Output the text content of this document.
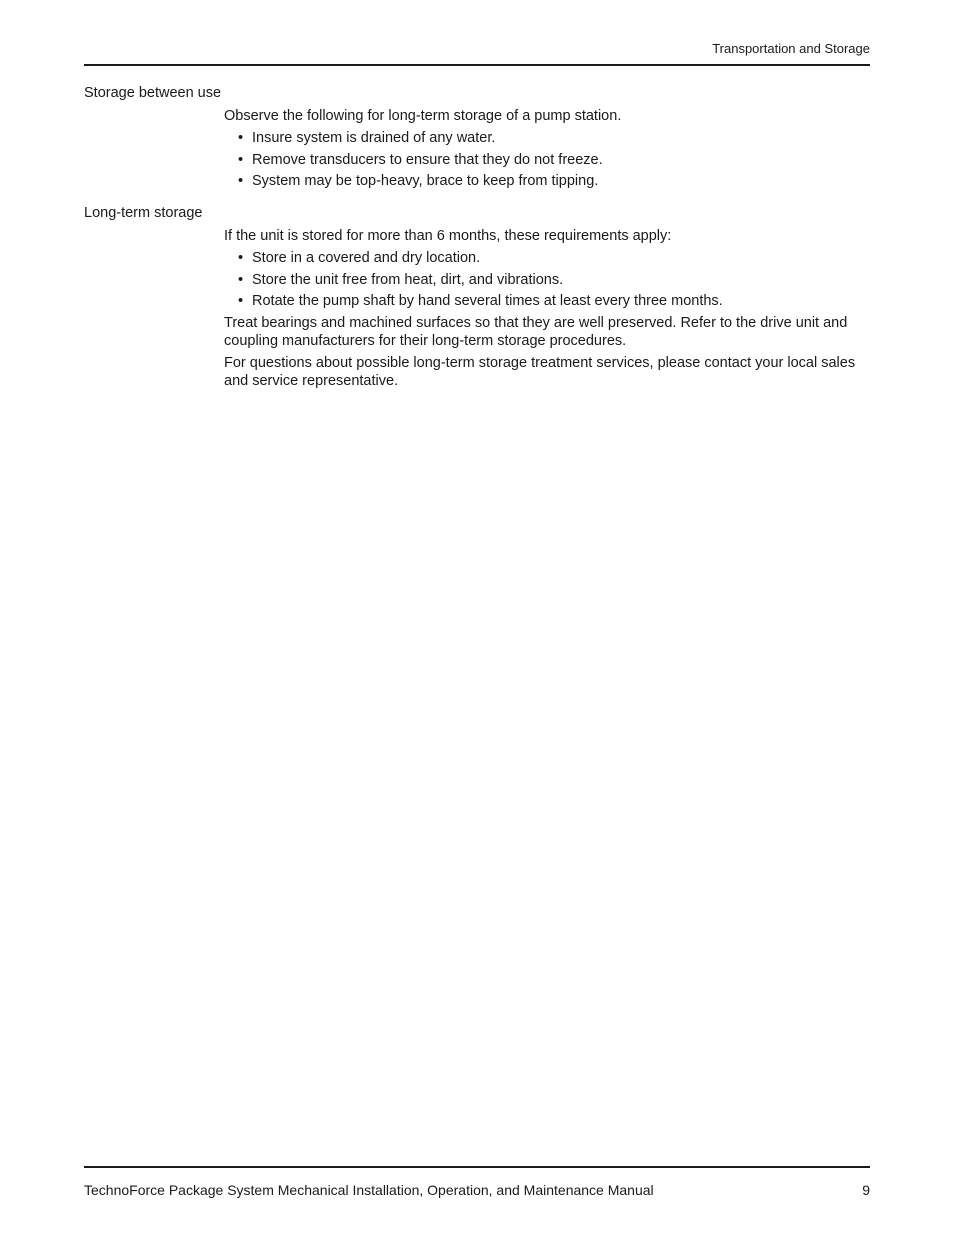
Transportation and Storage
Storage between use

Observe the following for long-term storage of a pump station.

• Insure system is drained of any water.
• Remove transducers to ensure that they do not freeze.
• System may be top-heavy, brace to keep from tipping.
Long-term storage

If the unit is stored for more than 6 months, these requirements apply:

• Store in a covered and dry location.
• Store the unit free from heat, dirt, and vibrations.
• Rotate the pump shaft by hand several times at least every three months.

Treat bearings and machined surfaces so that they are well preserved. Refer to the drive unit and coupling manufacturers for their long-term storage procedures.

For questions about possible long-term storage treatment services, please contact your local sales and service representative.

TechnoForce Package System Mechanical Installation, Operation, and Maintenance Manual	9
